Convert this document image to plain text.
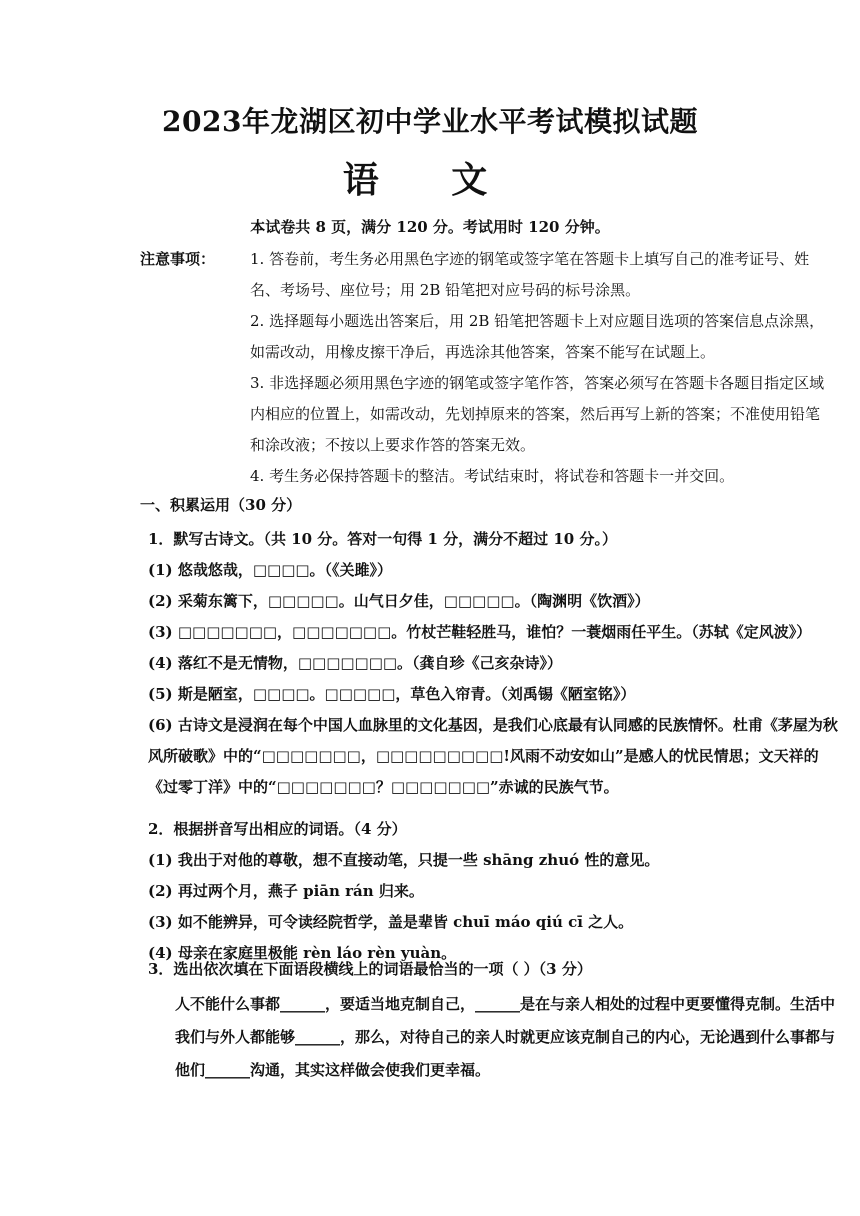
2023年龙湖区初中学业水平考试模拟试题
语 文
本试卷共 8 页，满分 120 分。考试用时 120 分钟。
注意事项： 1. 答卷前，考生务必用黑色字迹的钢笔或签字笔在答题卡上填写自己的准考证号、姓名、考场号、座位号；用 2B 铅笔把对应号码的标号涂黑。
2. 选择题每小题选出答案后，用 2B 铅笔把答题卡上对应题目选项的答案信息点涂黑，如需改动，用橡皮擦干净后，再选涂其他答案，答案不能写在试题上。
3. 非选择题必须用黑色字迹的钢笔或签字笔作答，答案必须写在答题卡各题目指定区域内相应的位置上，如需改动，先划掉原来的答案，然后再写上新的答案；不准使用铅笔和涂改液；不按以上要求作答的答案无效。
4. 考生务必保持答题卡的整洁。考试结束时，将试卷和答题卡一并交回。
一、积累运用（30 分）
1．默写古诗文。（共 10 分。答对一句得 1 分，满分不超过 10 分。）
(1) 悠哉悠哉，□□□□。（《关雎》）
(2) 采菊东篱下，□□□□□。山气日夕佳，□□□□□。（陶渊明《饮酒》）
(3) □□□□□□□，□□□□□□□。竹杖芒鞋轻胜马，谁怕？一蓑烟雨任平生。（苏轼《定风波》）
(4) 落红不是无情物，□□□□□□□。（龚自珍《己亥杂诗》）
(5) 斯是陋室，□□□□。□□□□□，草色入帘青。（刘禹锡《陋室铭》）
(6) 古诗文是浸润在每个中国人血脉里的文化基因，是我们心底最有认同感的民族情怀。杜甫《茅屋为秋风所破歌》中的“□□□□□□□，□□□□□□□□□!风雨不动安如山”是感人的忧民情思；文天祥的《过零丁洋》中的“□□□□□□□？□□□□□□□”赤诚的民族气节。
2．根据拼音写出相应的词语。（4 分）
(1) 我出于对他的尊敬，想不直接动笔，只提一些 shāng zhuó 性的意见。
(2) 再过两个月，燕子 piān rán 归来。
(3) 如不能辨异，可令读经院哲学，盖是辈皆 chuī máo qiú cī 之人。
(4) 母亲在家庭里极能 rèn láo rèn yuàn。
3．选出依次填在下面语段横线上的词语最恰当的一项（ ）（3 分）
人不能什么事都______，要适当地克制自己，______是在与亲人相处的过程中更要懂得克制。生活中我们与外人都能够______，那么，对待自己的亲人时就更应该克制自己的内心，无论遇到什么事都与他们______沟通，其实这样做会使我们更幸福。
